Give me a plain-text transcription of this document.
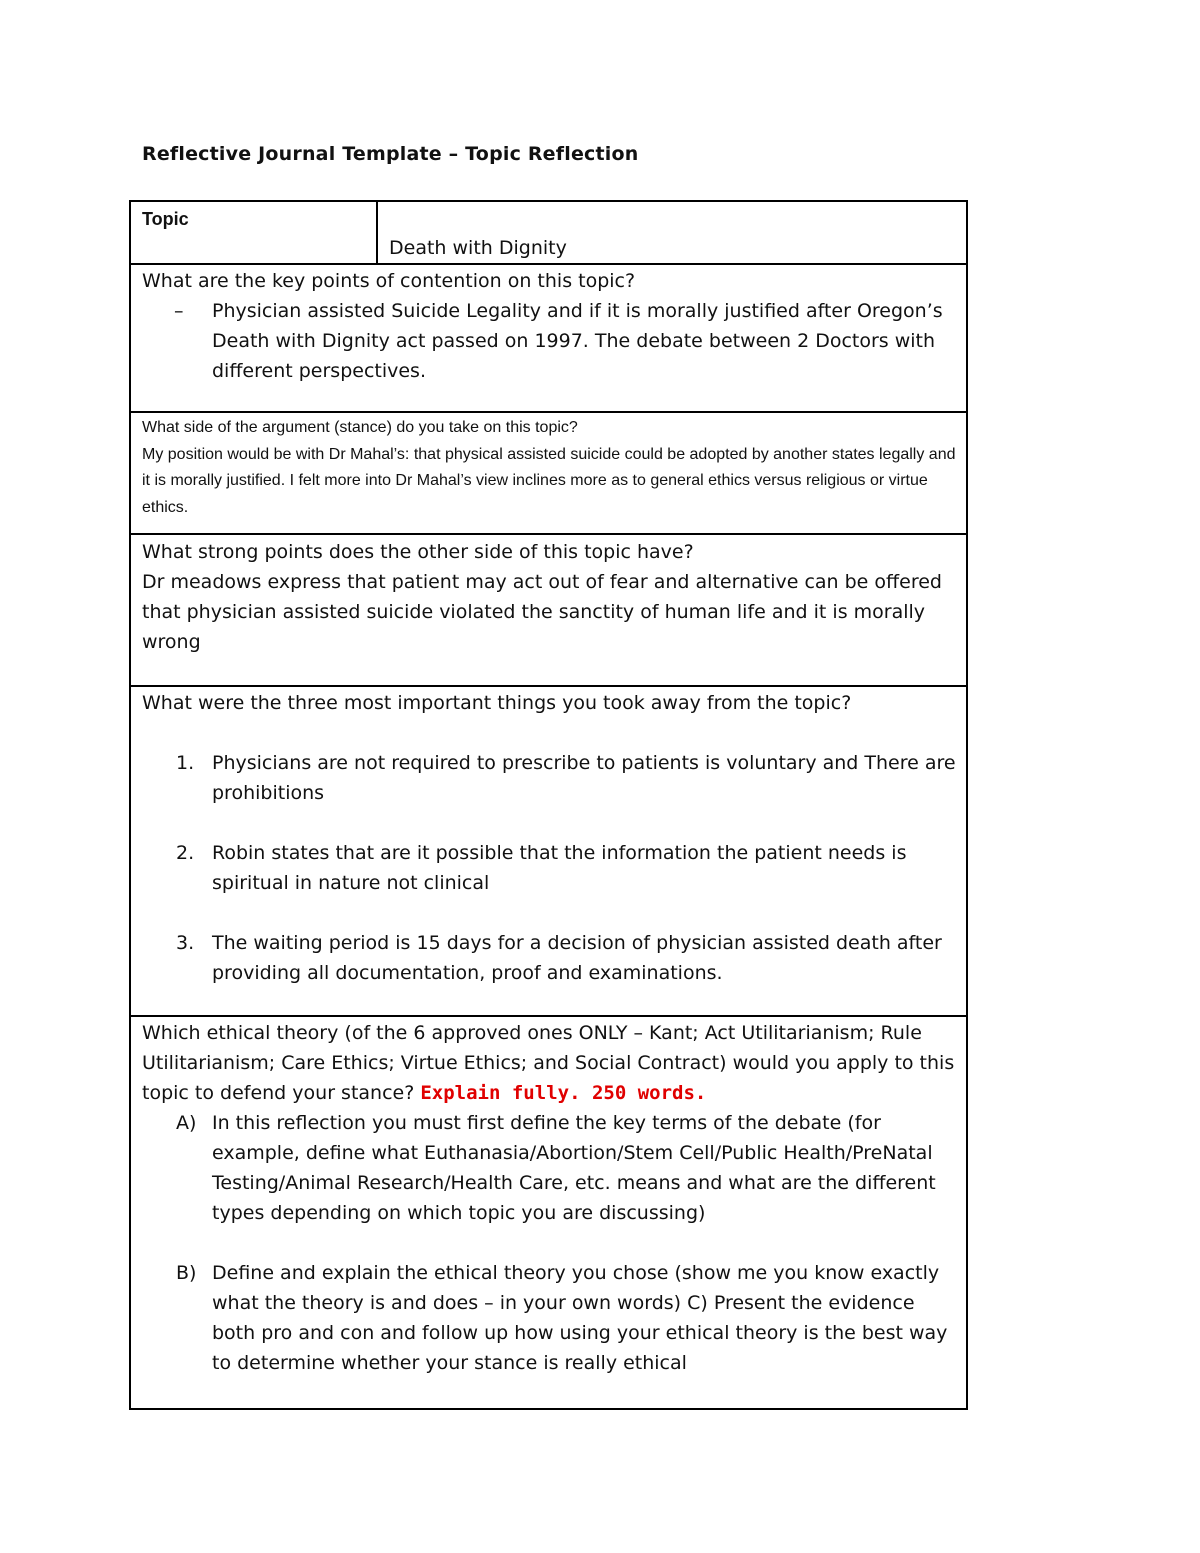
Reflective Journal Template – Topic Reflection
Topic

Death with Dignity

What are the key points of contention on this topic?
– Physician assisted Suicide Legality and if it is morally justified after Oregon’s Death with Dignity act passed on 1997. The debate between 2 Doctors with different perspectives.

What side of the argument (stance) do you take on this topic?
My position would be with Dr Mahal’s: that physical assisted suicide could be adopted by another states legally and it is morally justified. I felt more into Dr Mahal’s view inclines more as to general ethics versus religious or virtue ethics.

What strong points does the other side of this topic have?
Dr meadows express that patient may act out of fear and alternative can be offered that physician assisted suicide violated the sanctity of human life and it is morally wrong

What were the three most important things you took away from the topic?
1. Physicians are not required to prescribe to patients is voluntary and There are prohibitions
2. Robin states that are it possible that the information the patient needs is spiritual in nature not clinical
3. The waiting period is 15 days for a decision of physician assisted death after providing all documentation, proof and examinations.

Which ethical theory (of the 6 approved ones ONLY – Kant; Act Utilitarianism; Rule Utilitarianism; Care Ethics; Virtue Ethics; and Social Contract) would you apply to this topic to defend your stance? Explain fully. 250 words.
A) In this reflection you must first define the key terms of the debate (for example, define what Euthanasia/Abortion/Stem Cell/Public Health/PreNatal Testing/Animal Research/Health Care, etc. means and what are the different types depending on which topic you are discussing)
B) Define and explain the ethical theory you chose (show me you know exactly what the theory is and does – in your own words) C) Present the evidence both pro and con and follow up how using your ethical theory is the best way to determine whether your stance is really ethical
